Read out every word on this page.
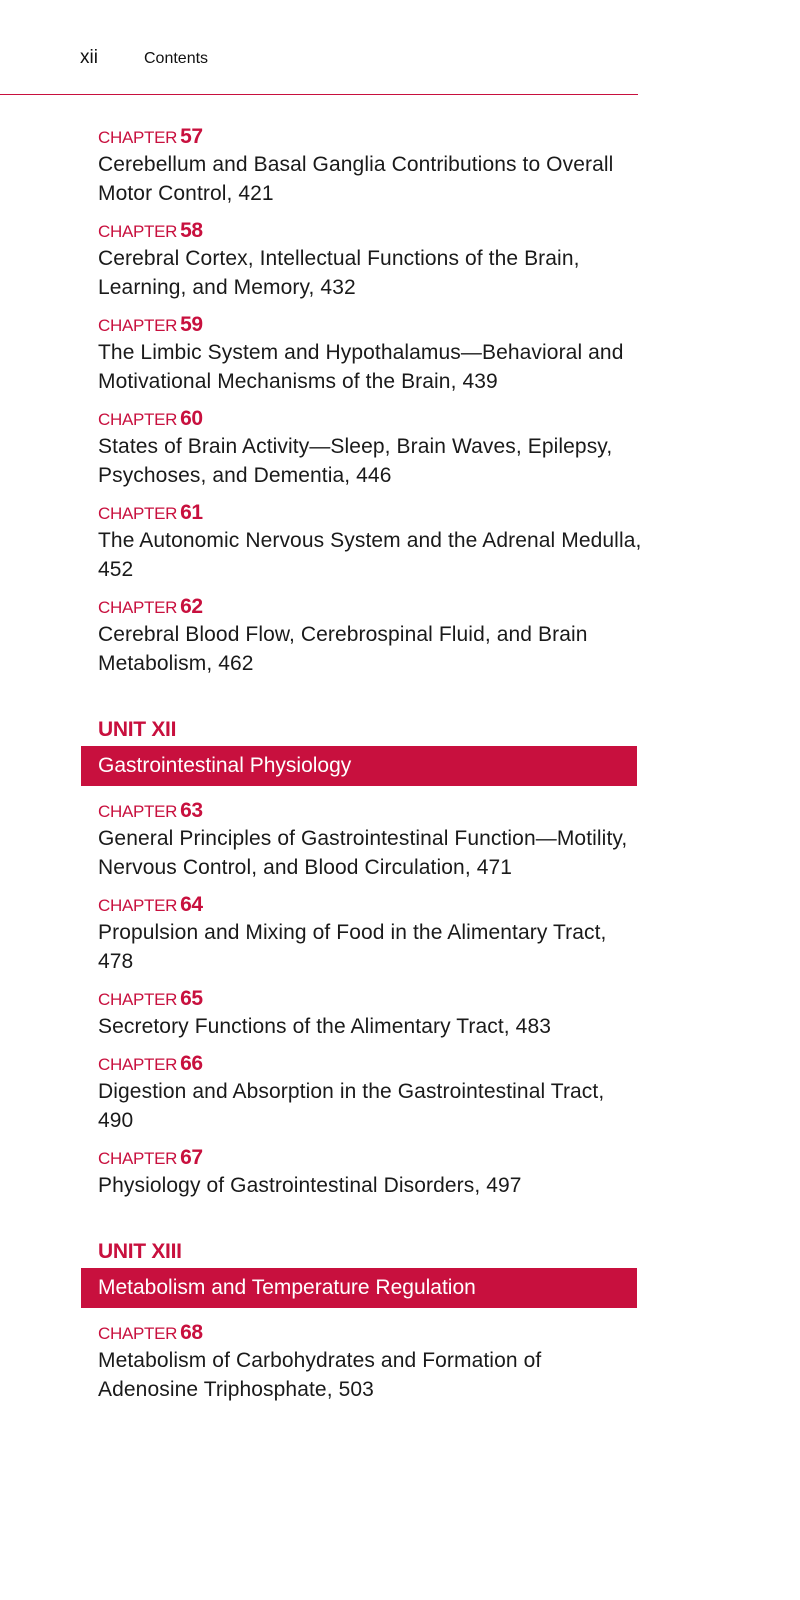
xii	Contents
CHAPTER 57
Cerebellum and Basal Ganglia Contributions to Overall Motor Control, 421
CHAPTER 58
Cerebral Cortex, Intellectual Functions of the Brain, Learning, and Memory, 432
CHAPTER 59
The Limbic System and Hypothalamus—Behavioral and Motivational Mechanisms of the Brain, 439
CHAPTER 60
States of Brain Activity—Sleep, Brain Waves, Epilepsy, Psychoses, and Dementia, 446
CHAPTER 61
The Autonomic Nervous System and the Adrenal Medulla, 452
CHAPTER 62
Cerebral Blood Flow, Cerebrospinal Fluid, and Brain Metabolism, 462
UNIT XII
Gastrointestinal Physiology
CHAPTER 63
General Principles of Gastrointestinal Function—Motility, Nervous Control, and Blood Circulation, 471
CHAPTER 64
Propulsion and Mixing of Food in the Alimentary Tract, 478
CHAPTER 65
Secretory Functions of the Alimentary Tract, 483
CHAPTER 66
Digestion and Absorption in the Gastrointestinal Tract, 490
CHAPTER 67
Physiology of Gastrointestinal Disorders, 497
UNIT XIII
Metabolism and Temperature Regulation
CHAPTER 68
Metabolism of Carbohydrates and Formation of Adenosine Triphosphate, 503
